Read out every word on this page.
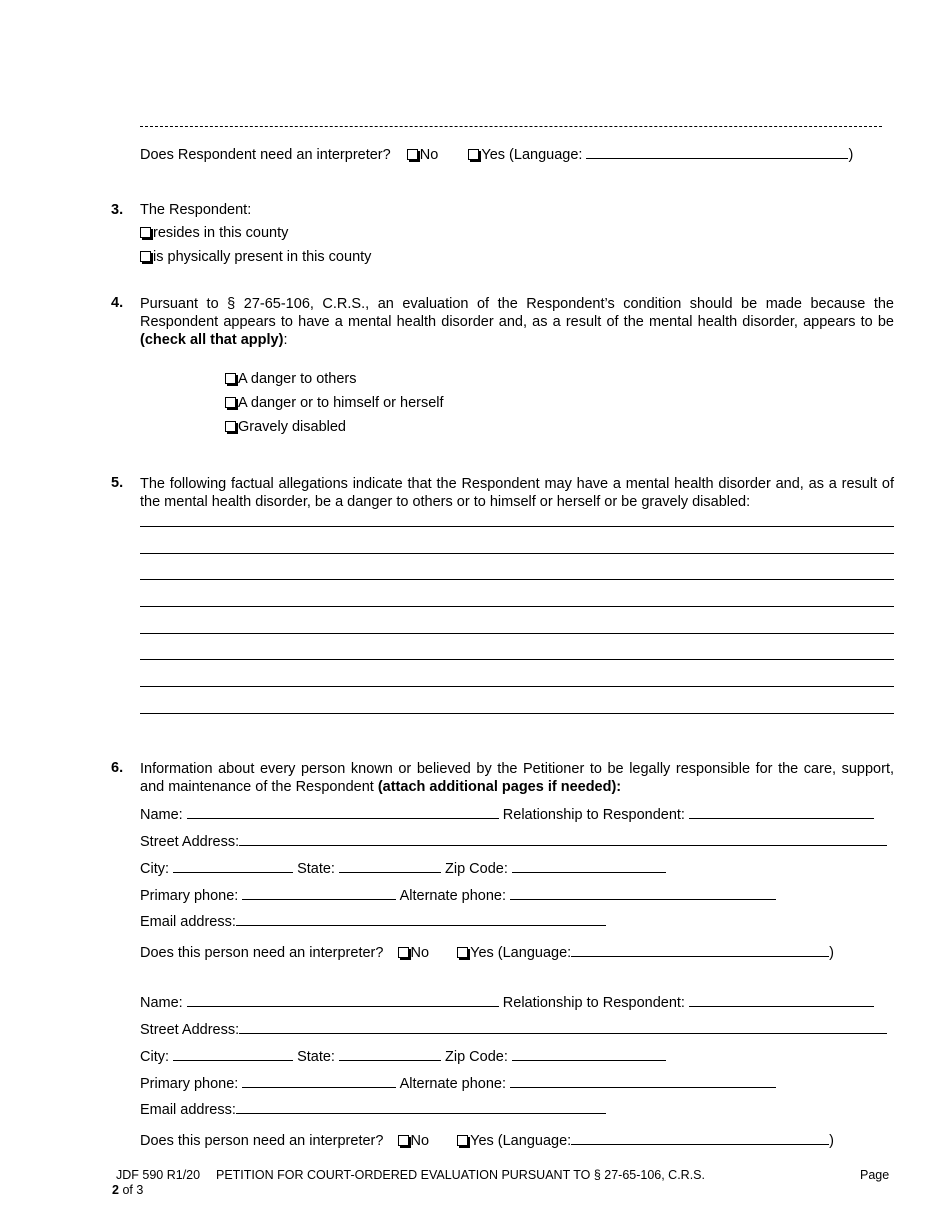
Does Respondent need an interpreter? No	Yes (Language:	)
3. The Respondent:
resides in this county
is physically present in this county
4. Pursuant to § 27-65-106, C.R.S., an evaluation of the Respondent’s condition should be made because the Respondent appears to have a mental health disorder and, as a result of the mental health disorder, appears to be (check all that apply):
A danger to others
A danger or to himself or herself
Gravely disabled
5. The following factual allegations indicate that the Respondent may have a mental health disorder and, as a result of the mental health disorder, be a danger to others or to himself or herself or be gravely disabled:
6. Information about every person known or believed by the Petitioner to be legally responsible for the care, support, and maintenance of the Respondent (attach additional pages if needed):
Name:	Relationship to Respondent:
Street Address:
City:	State:	Zip Code:
Primary phone:	Alternate phone:
Email address:
Does this person need an interpreter? No	Yes (Language:	)
Name:	Relationship to Respondent:
Street Address:
City:	State:	Zip Code:
Primary phone:	Alternate phone:
Email address:
Does this person need an interpreter? No	Yes (Language:	)
JDF 590 R1/20 PETITION FOR COURT-ORDERED EVALUATION PURSUANT TO § 27-65-106, C.R.S.	Page
2 of 3
